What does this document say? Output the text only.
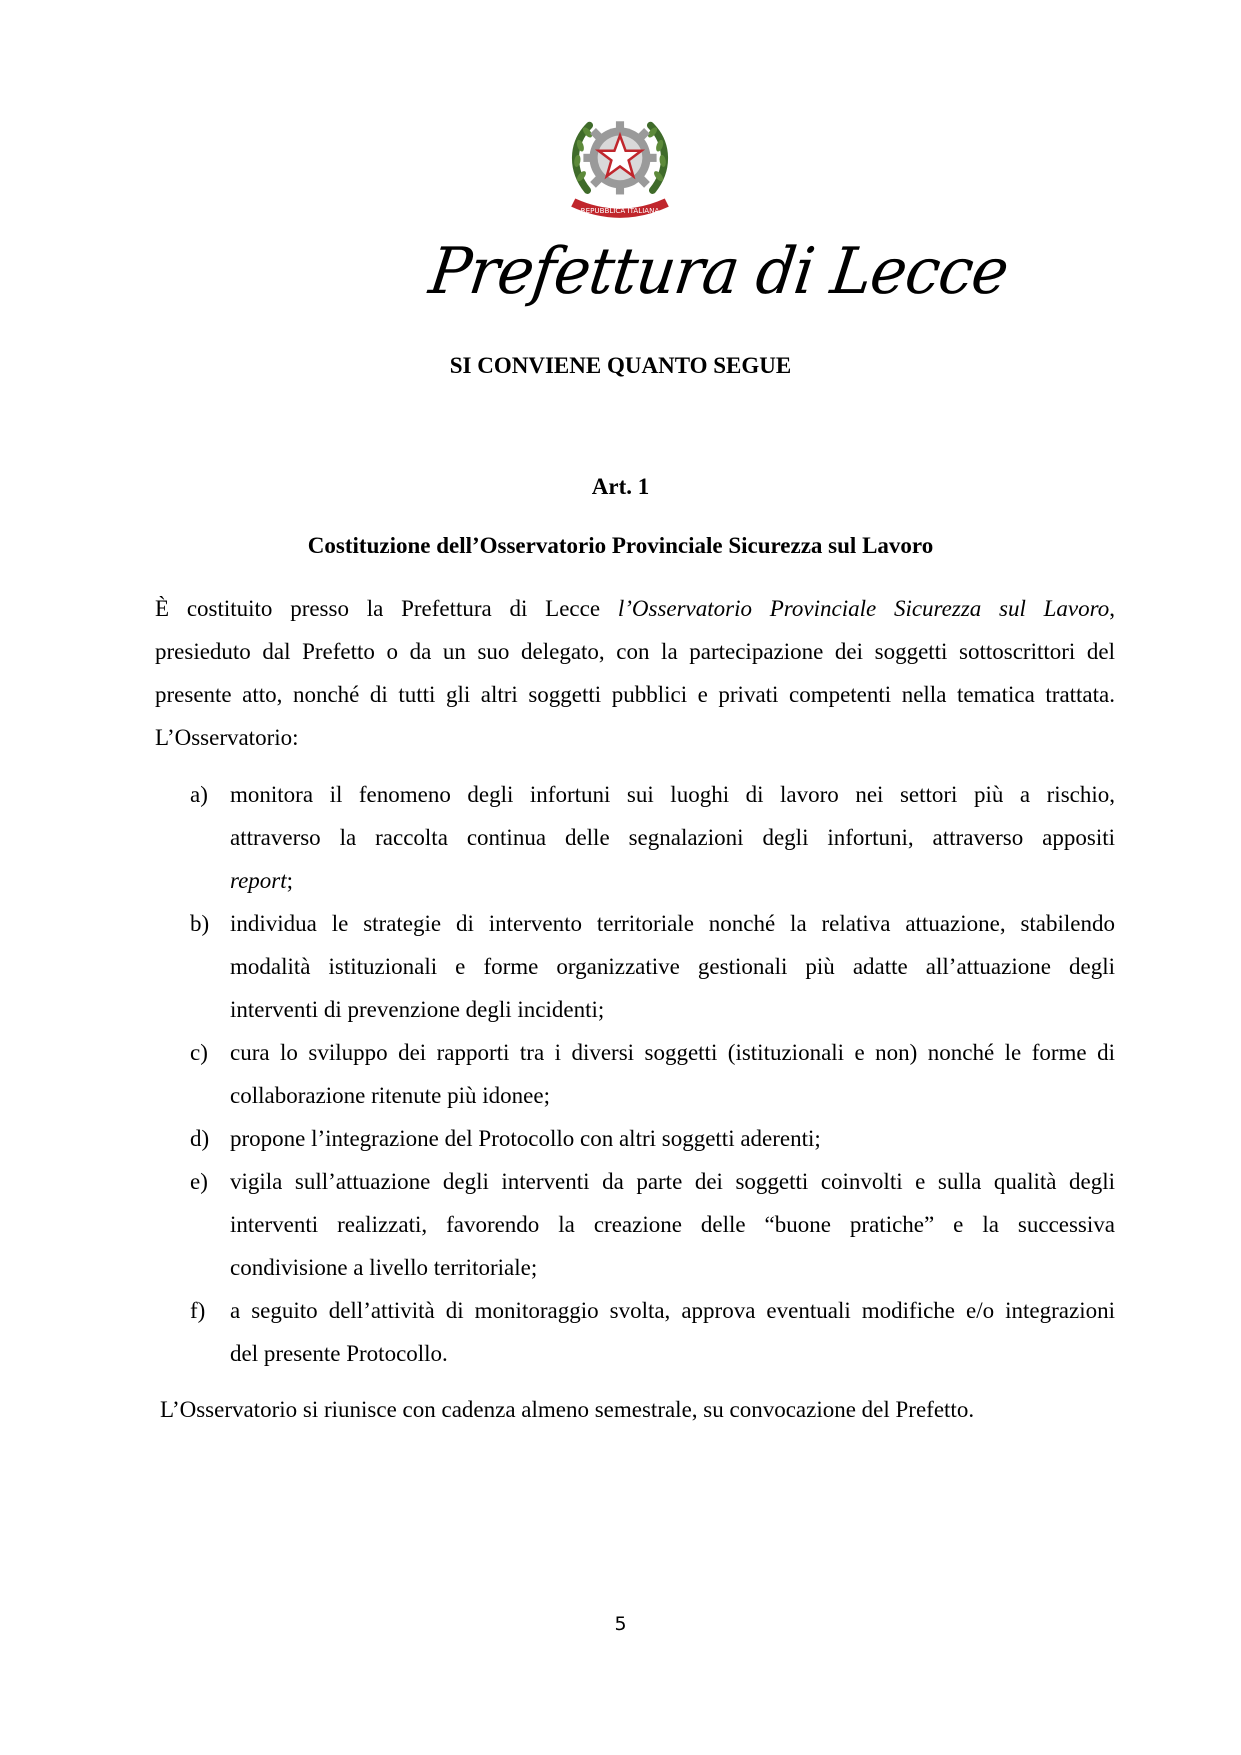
REPUBBLICA ITALIANA
Prefettura di Lecce
SI CONVIENE QUANTO SEGUE
Art. 1
Costituzione dell’Osservatorio Provinciale Sicurezza sul Lavoro
È costituito presso la Prefettura di Lecce l’Osservatorio Provinciale Sicurezza sul Lavoro,
presieduto dal Prefetto o da un suo delegato, con la partecipazione dei soggetti sottoscrittori del
presente atto, nonché di tutti gli altri soggetti pubblici e privati competenti nella tematica trattata.
L’Osservatorio:
a) monitora il fenomeno degli infortuni sui luoghi di lavoro nei settori più a rischio,
attraverso la raccolta continua delle segnalazioni degli infortuni, attraverso appositi
report;
b) individua le strategie di intervento territoriale nonché la relativa attuazione, stabilendo
modalità istituzionali e forme organizzative gestionali più adatte all’attuazione degli
interventi di prevenzione degli incidenti;
c) cura lo sviluppo dei rapporti tra i diversi soggetti (istituzionali e non) nonché le forme di
collaborazione ritenute più idonee;
d) propone l’integrazione del Protocollo con altri soggetti aderenti;
e) vigila sull’attuazione degli interventi da parte dei soggetti coinvolti e sulla qualità degli
interventi realizzati, favorendo la creazione delle “buone pratiche” e la successiva
condivisione a livello territoriale;
f) a seguito dell’attività di monitoraggio svolta, approva eventuali modifiche e/o integrazioni
del presente Protocollo.
L’Osservatorio si riunisce con cadenza almeno semestrale, su convocazione del Prefetto.
5
